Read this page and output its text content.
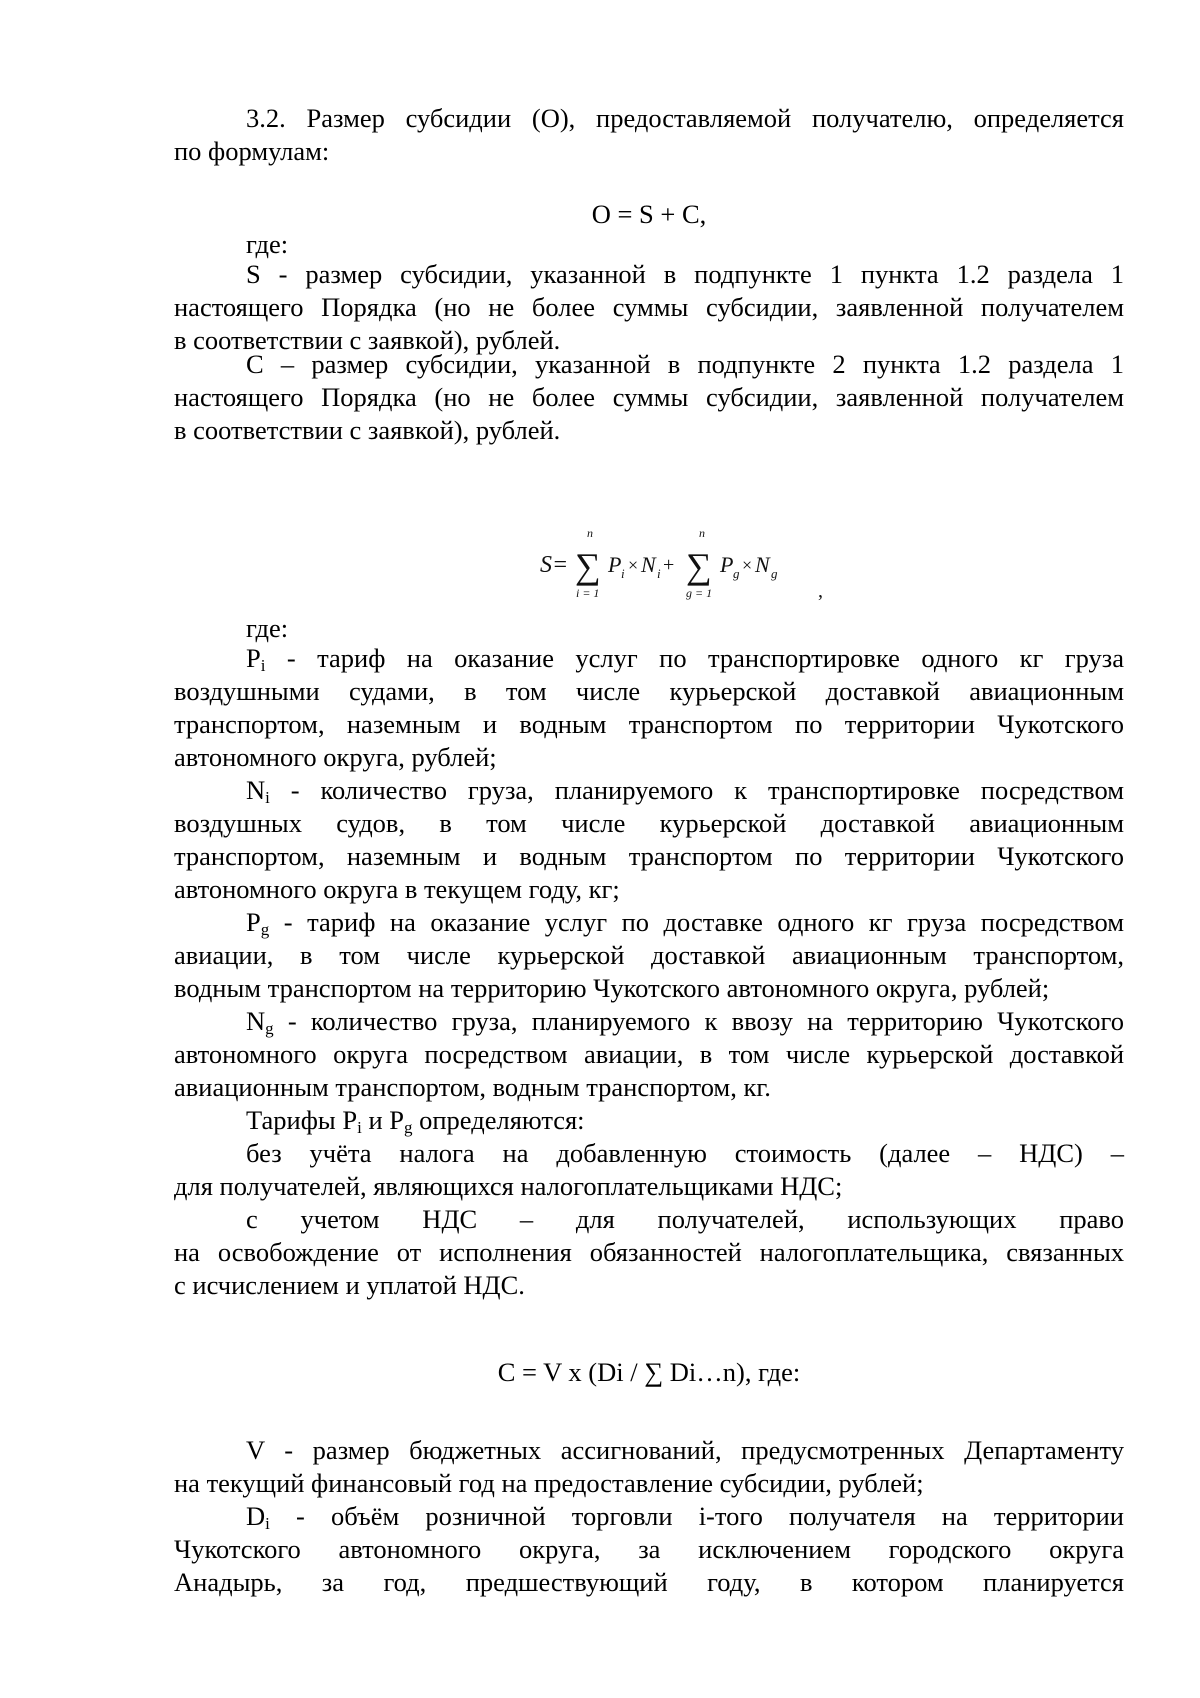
3.2. Размер субсидии (О), предоставляемой получателю, определяется
по формулам:
O = S + C,
где:
S - размер субсидии, указанной в подпункте 1 пункта 1.2 раздела 1
настоящего Порядка (но не более суммы субсидии, заявленной получателем
в соответствии с заявкой), рублей.
С – размер субсидии, указанной в подпункте 2 пункта 1.2 раздела 1
настоящего Порядка (но не более суммы субсидии, заявленной получателем
в соответствии с заявкой), рублей.
S=
n
∑
i = 1
P i × N i +
n
∑
g = 1
P g × N g
,
где:
$P_i$ - тариф на оказание услуг по транспортировке одного кг груза
воздушными судами, в том числе курьерской доставкой авиационным
транспортом, наземным и водным транспортом по территории Чукотского
автономного округа, рублей;
$N_i$ - количество груза, планируемого к транспортировке посредством
воздушных судов, в том числе курьерской доставкой авиационным
транспортом, наземным и водным транспортом по территории Чукотского
автономного округа в текущем году, кг;
$P_g$ - тариф на оказание услуг по доставке одного кг груза посредством
авиации, в том числе курьерской доставкой авиационным транспортом,
водным транспортом на территорию Чукотского автономного округа, рублей;
$N_g$ - количество груза, планируемого к ввозу на территорию Чукотского
автономного округа посредством авиации, в том числе курьерской доставкой
авиационным транспортом, водным транспортом, кг.
Тарифы $P_i$ и $P_g$ определяются:
без учёта налога на добавленную стоимость (далее – НДС) –
для получателей, являющихся налогоплательщиками НДС;
с учетом НДС – для получателей, использующих право
на освобождение от исполнения обязанностей налогоплательщика, связанных
с исчислением и уплатой НДС.
C = V x (Di / ∑ Di…n), где:
V - размер бюджетных ассигнований, предусмотренных Департаменту
на текущий финансовый год на предоставление субсидии, рублей;
$D_i$ - объём розничной торговли i-того получателя на территории
Чукотского автономного округа, за исключением городского округа
Анадырь, за год, предшествующий году, в котором планируется
